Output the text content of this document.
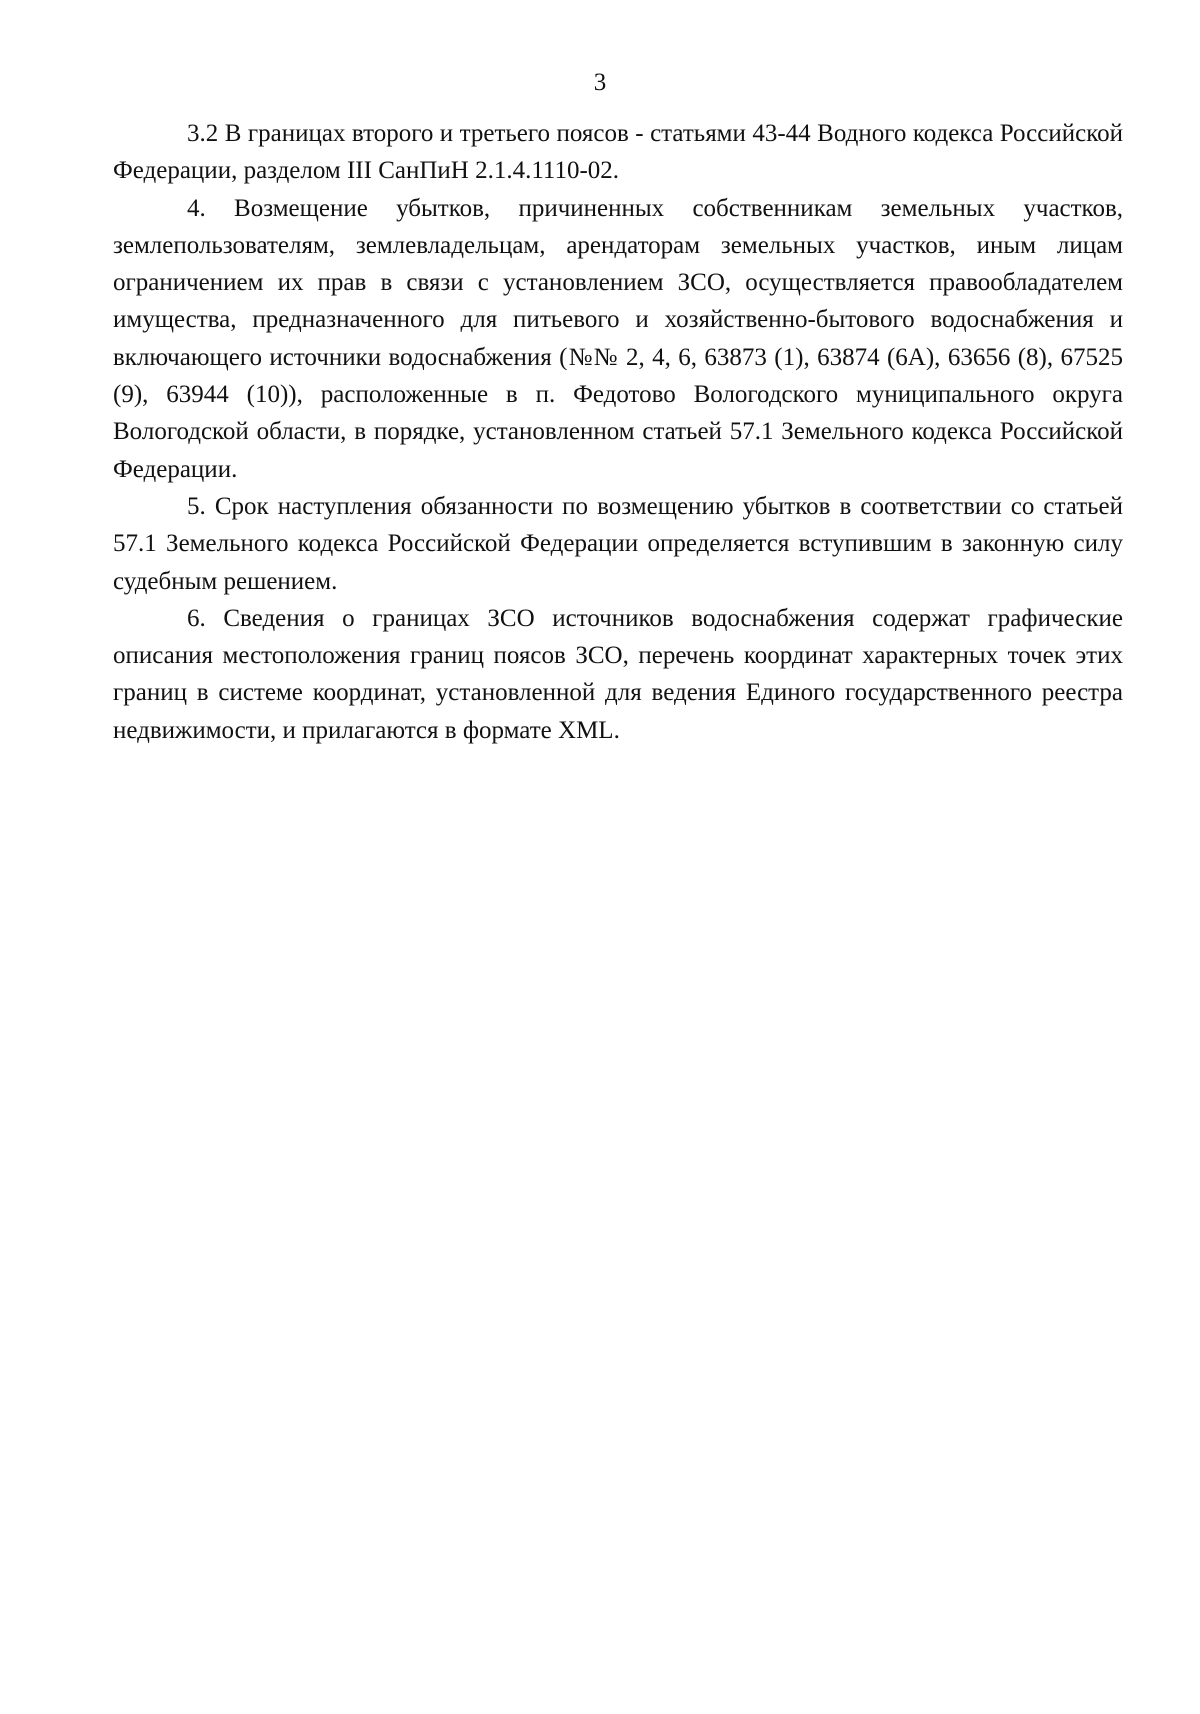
3

3.2 В границах второго и третьего поясов - статьями 43-44 Водного кодекса Российской Федерации, разделом III СанПиН 2.1.4.1110-02.

4. Возмещение убытков, причиненных собственникам земельных участков, землепользователям, землевладельцам, арендаторам земельных участков, иным лицам ограничением их прав в связи с установлением ЗСО, осуществляется правообладателем имущества, предназначенного для питьевого и хозяйственно-бытового водоснабжения и включающего источники водоснабжения (№№ 2, 4, 6, 63873 (1), 63874 (6А), 63656 (8), 67525 (9), 63944 (10)), расположенные в п. Федотово Вологодского муниципального округа Вологодской области, в порядке, установленном статьей 57.1 Земельного кодекса Российской Федерации.

5. Срок наступления обязанности по возмещению убытков в соответствии со статьей 57.1 Земельного кодекса Российской Федерации определяется вступившим в законную силу судебным решением.

6. Сведения о границах ЗСО источников водоснабжения содержат графические описания местоположения границ поясов ЗСО, перечень координат характерных точек этих границ в системе координат, установленной для ведения Единого государственного реестра недвижимости, и прилагаются в формате XML.
